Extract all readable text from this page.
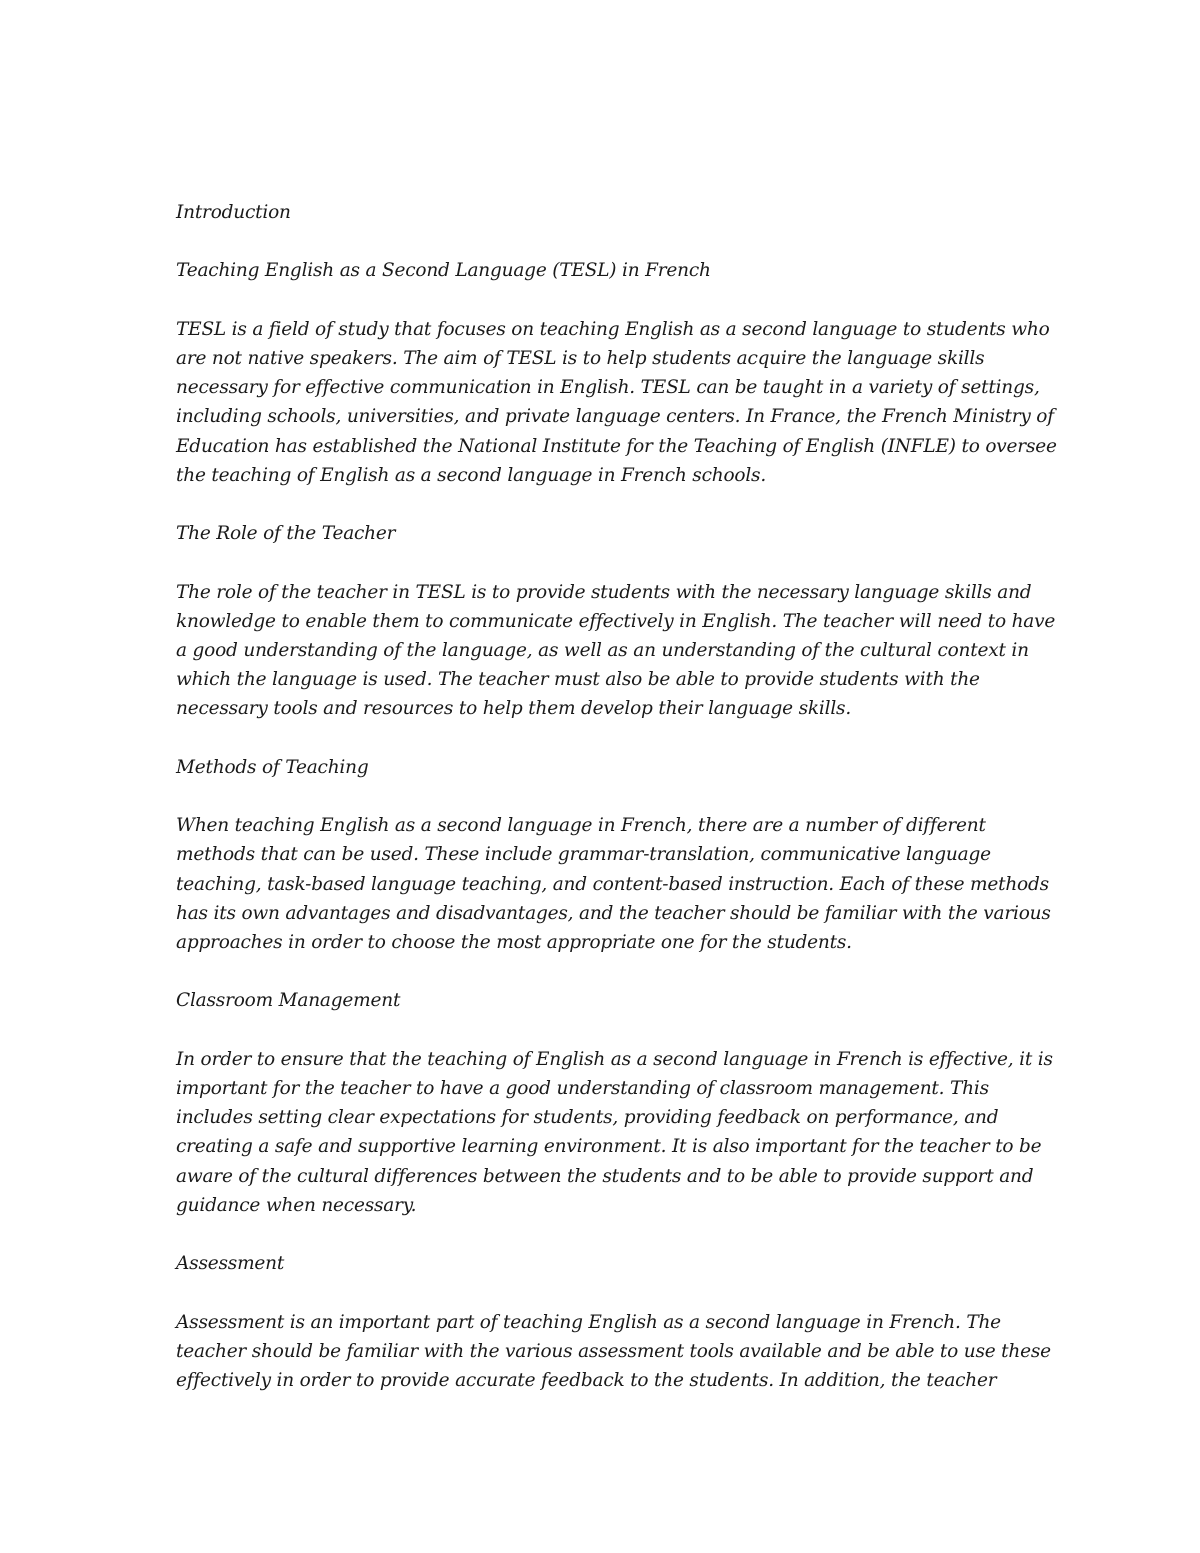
Introduction

Teaching English as a Second Language (TESL) in French

TESL is a field of study that focuses on teaching English as a second language to students who
are not native speakers. The aim of TESL is to help students acquire the language skills
necessary for effective communication in English. TESL can be taught in a variety of settings,
including schools, universities, and private language centers. In France, the French Ministry of
Education has established the National Institute for the Teaching of English (INFLE) to oversee
the teaching of English as a second language in French schools.

The Role of the Teacher

The role of the teacher in TESL is to provide students with the necessary language skills and
knowledge to enable them to communicate effectively in English. The teacher will need to have
a good understanding of the language, as well as an understanding of the cultural context in
which the language is used. The teacher must also be able to provide students with the
necessary tools and resources to help them develop their language skills.

Methods of Teaching

When teaching English as a second language in French, there are a number of different
methods that can be used. These include grammar-translation, communicative language
teaching, task-based language teaching, and content-based instruction. Each of these methods
has its own advantages and disadvantages, and the teacher should be familiar with the various
approaches in order to choose the most appropriate one for the students.

Classroom Management

In order to ensure that the teaching of English as a second language in French is effective, it is
important for the teacher to have a good understanding of classroom management. This
includes setting clear expectations for students, providing feedback on performance, and
creating a safe and supportive learning environment. It is also important for the teacher to be
aware of the cultural differences between the students and to be able to provide support and
guidance when necessary.

Assessment

Assessment is an important part of teaching English as a second language in French. The
teacher should be familiar with the various assessment tools available and be able to use these
effectively in order to provide accurate feedback to the students. In addition, the teacher
